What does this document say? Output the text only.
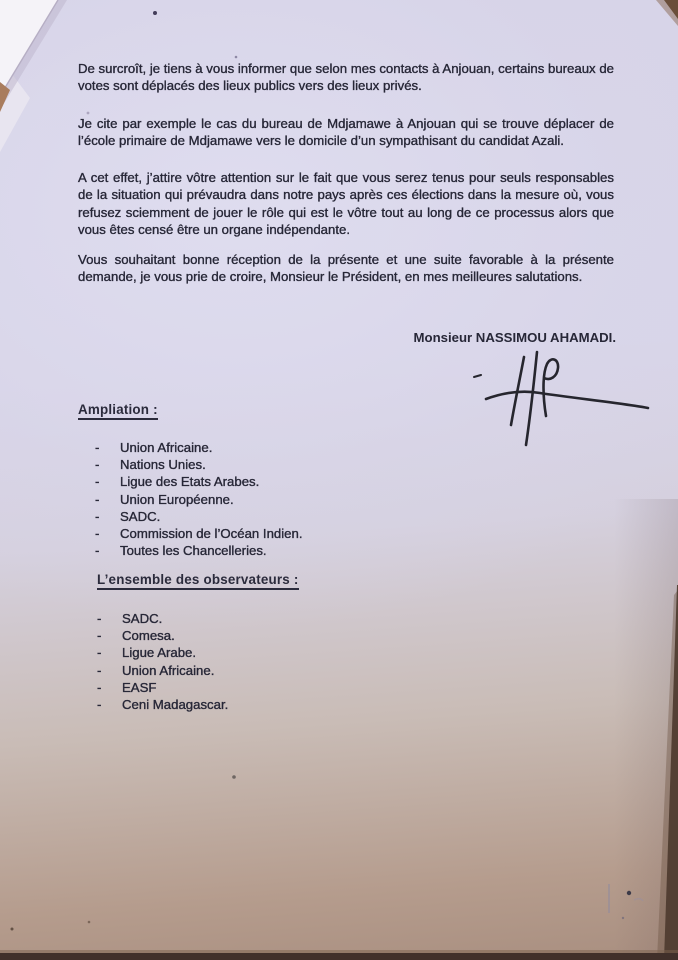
De surcroît, je tiens à vous informer que selon mes contacts à Anjouan, certains bureaux de votes sont déplacés des lieux publics vers des lieux privés.
Je cite par exemple le cas du bureau de Mdjamawe à Anjouan qui se trouve déplacer de l’école primaire de Mdjamawe vers le domicile d’un sympathisant du candidat Azali.
A cet effet, j’attire vôtre attention sur le fait que vous serez tenus pour seuls responsables de la situation qui prévaudra dans notre pays après ces élections dans la mesure où, vous refusez sciemment de jouer le rôle qui est le vôtre tout au long de ce processus alors que vous êtes censé être un organe indépendante.
Vous souhaitant bonne réception de la présente et une suite favorable à la présente demande, je vous prie de croire, Monsieur le Président, en mes meilleures salutations.
Monsieur NASSIMOU AHAMADI.
Ampliation :
-	Union Africaine.
-	Nations Unies.
-	Ligue des Etats Arabes.
-	Union Européenne.
-	SADC.
-	Commission de l’Océan Indien.
-	Toutes les Chancelleries.
L’ensemble des observateurs :
-	SADC.
-	Comesa.
-	Ligue Arabe.
-	Union Africaine.
-	EASF
-	Ceni Madagascar.
